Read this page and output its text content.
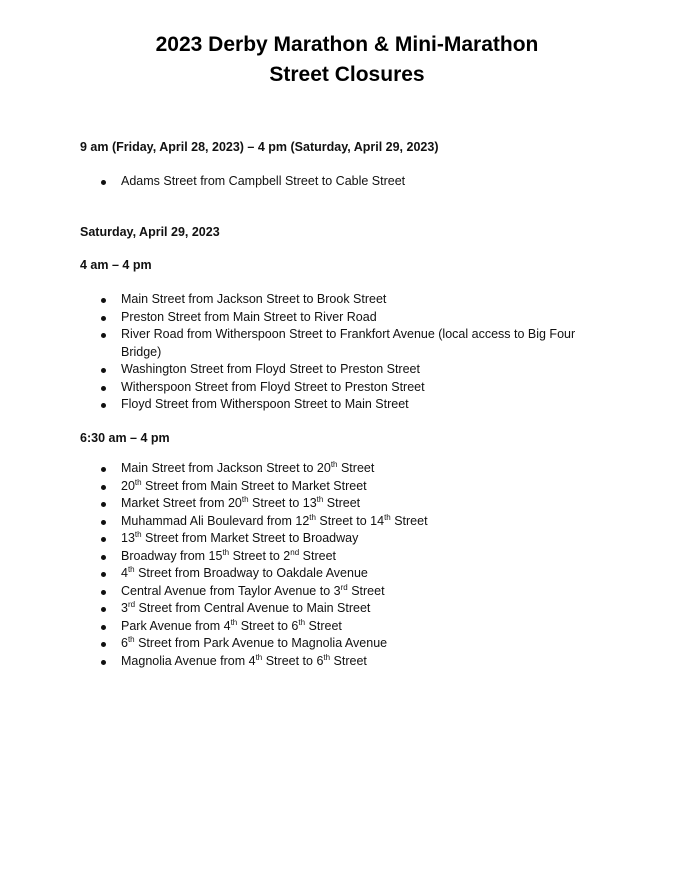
2023 Derby Marathon & Mini-Marathon
Street Closures
9 am (Friday, April 28, 2023) – 4 pm (Saturday, April 29, 2023)
Adams Street from Campbell Street to Cable Street
Saturday, April 29, 2023
4 am – 4 pm
Main Street from Jackson Street to Brook Street
Preston Street from Main Street to River Road
River Road from Witherspoon Street to Frankfort Avenue (local access to Big Four Bridge)
Washington Street from Floyd Street to Preston Street
Witherspoon Street from Floyd Street to Preston Street
Floyd Street from Witherspoon Street to Main Street
6:30 am – 4 pm
Main Street from Jackson Street to 20th Street
20th Street from Main Street to Market Street
Market Street from 20th Street to 13th Street
Muhammad Ali Boulevard from 12th Street to 14th Street
13th Street from Market Street to Broadway
Broadway from 15th Street to 2nd Street
4th Street from Broadway to Oakdale Avenue
Central Avenue from Taylor Avenue to 3rd Street
3rd Street from Central Avenue to Main Street
Park Avenue from 4th Street to 6th Street
6th Street from Park Avenue to Magnolia Avenue
Magnolia Avenue from 4th Street to 6th Street
